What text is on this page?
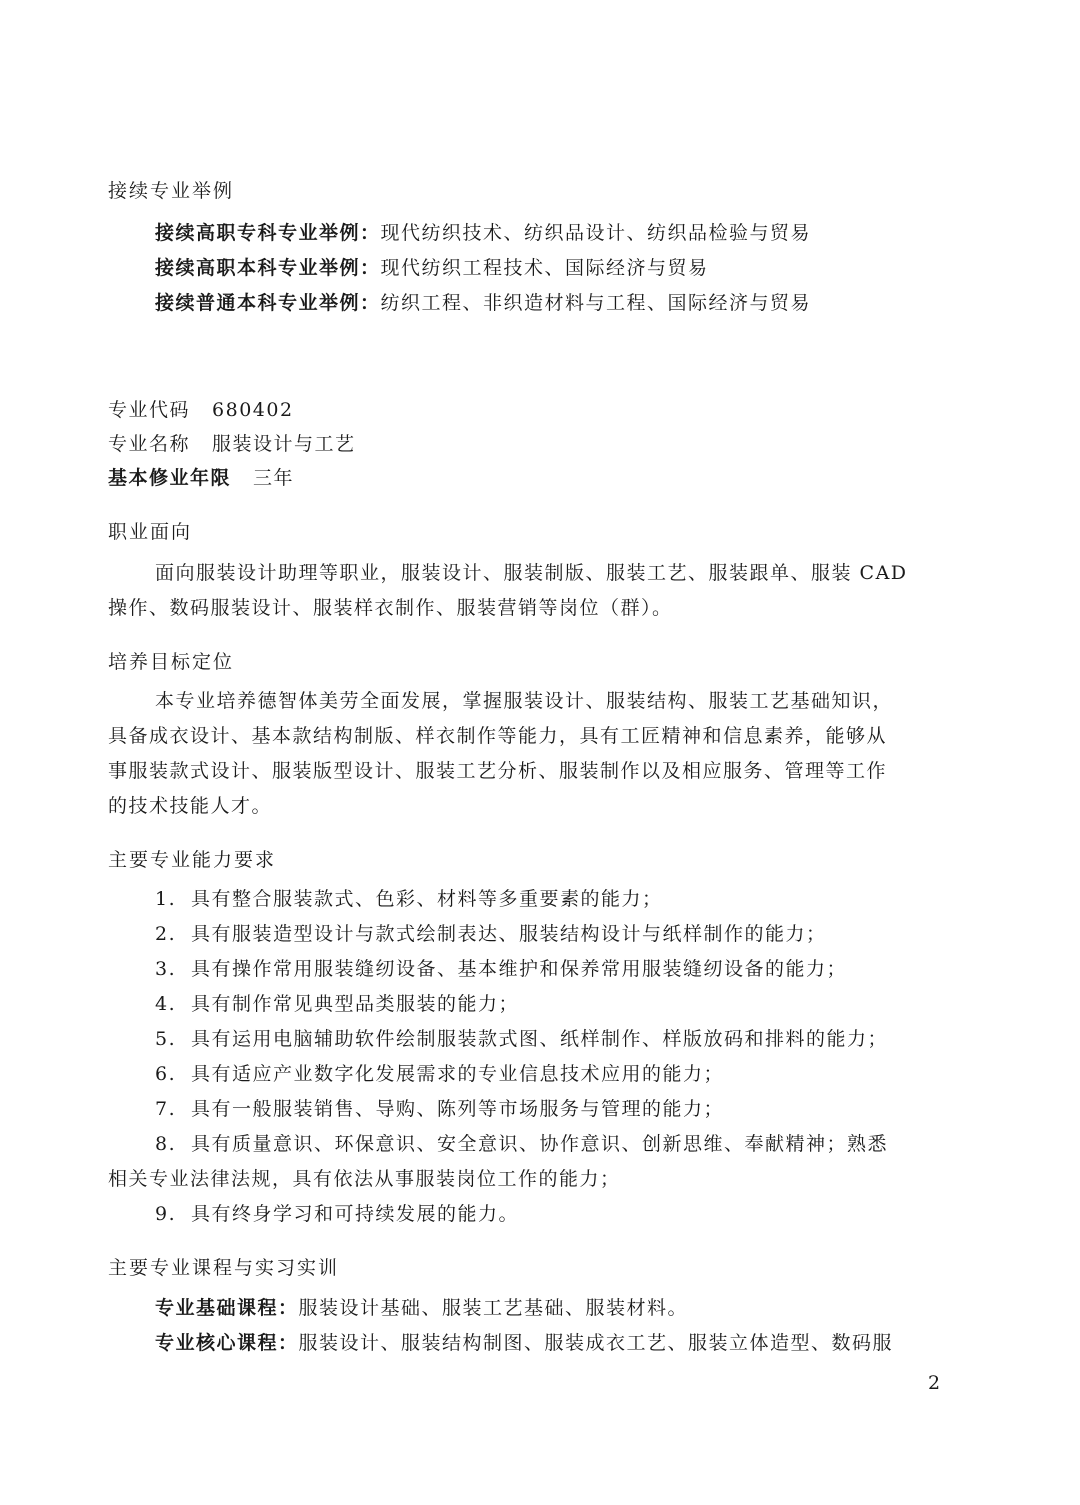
接续专业举例

接续高职专科专业举例：现代纺织技术、纺织品设计、纺织品检验与贸易

接续高职本科专业举例：现代纺织工程技术、国际经济与贸易

接续普通本科专业举例：纺织工程、非织造材料与工程、国际经济与贸易

专业代码 680402

专业名称 服装设计与工艺

基本修业年限 三年

职业面向

面向服装设计助理等职业，服装设计、服装制版、服装工艺、服装跟单、服装 CAD

操作、数码服装设计、服装样衣制作、服装营销等岗位（群）。

培养目标定位

本专业培养德智体美劳全面发展，掌握服装设计、服装结构、服装工艺基础知识，

具备成衣设计、基本款结构制版、样衣制作等能力，具有工匠精神和信息素养，能够从

事服装款式设计、服装版型设计、服装工艺分析、服装制作以及相应服务、管理等工作

的技术技能人才。

主要专业能力要求

1. 具有整合服装款式、色彩、材料等多重要素的能力；

2. 具有服装造型设计与款式绘制表达、服装结构设计与纸样制作的能力；

3. 具有操作常用服装缝纫设备、基本维护和保养常用服装缝纫设备的能力；

4. 具有制作常见典型品类服装的能力；

5. 具有运用电脑辅助软件绘制服装款式图、纸样制作、样版放码和排料的能力；

6. 具有适应产业数字化发展需求的专业信息技术应用的能力；

7. 具有一般服装销售、导购、陈列等市场服务与管理的能力；

8. 具有质量意识、环保意识、安全意识、协作意识、创新思维、奉献精神；熟悉

相关专业法律法规，具有依法从事服装岗位工作的能力；

9. 具有终身学习和可持续发展的能力。

主要专业课程与实习实训

专业基础课程：服装设计基础、服装工艺基础、服装材料。

专业核心课程：服装设计、服装结构制图、服装成衣工艺、服装立体造型、数码服

2
